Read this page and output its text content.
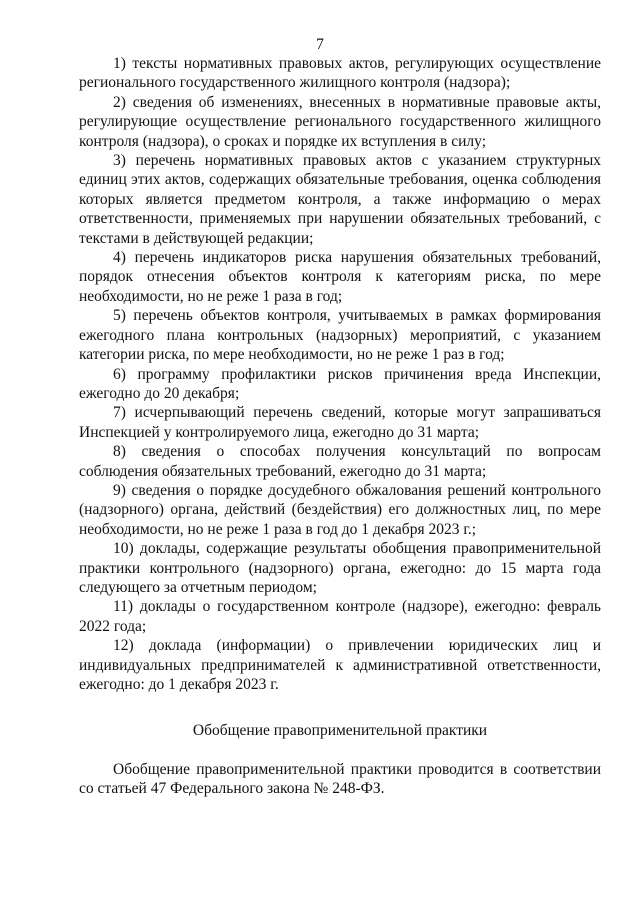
7

1) тексты нормативных правовых актов, регулирующих осуществление регионального государственного жилищного контроля (надзора);

2) сведения об изменениях, внесенных в нормативные правовые акты, регулирующие осуществление регионального государственного жилищного контроля (надзора), о сроках и порядке их вступления в силу;

3) перечень нормативных правовых актов с указанием структурных единиц этих актов, содержащих обязательные требования, оценка соблюдения которых является предметом контроля, а также информацию о мерах ответственности, применяемых при нарушении обязательных требований, с текстами в действующей редакции;

4) перечень индикаторов риска нарушения обязательных требований, порядок отнесения объектов контроля к категориям риска, по мере необходимости, но не реже 1 раза в год;

5) перечень объектов контроля, учитываемых в рамках формирования ежегодного плана контрольных (надзорных) мероприятий, с указанием категории риска, по мере необходимости, но не реже 1 раз в год;

6) программу профилактики рисков причинения вреда Инспекции, ежегодно до 20 декабря;

7) исчерпывающий перечень сведений, которые могут запрашиваться Инспекцией у контролируемого лица, ежегодно до 31 марта;

8) сведения о способах получения консультаций по вопросам соблюдения обязательных требований, ежегодно до 31 марта;

9) сведения о порядке досудебного обжалования решений контрольного (надзорного) органа, действий (бездействия) его должностных лиц, по мере необходимости, но не реже 1 раза в год до 1 декабря 2023 г.;

10) доклады, содержащие результаты обобщения правоприменительной практики контрольного (надзорного) органа, ежегодно: до 15 марта года следующего за отчетным периодом;

11) доклады о государственном контроле (надзоре), ежегодно: февраль 2022 года;

12) доклада (информации) о привлечении юридических лиц и индивидуальных предпринимателей к административной ответственности, ежегодно: до 1 декабря 2023 г.

Обобщение правоприменительной практики

Обобщение правоприменительной практики проводится в соответствии со статьей 47 Федерального закона № 248-ФЗ.
